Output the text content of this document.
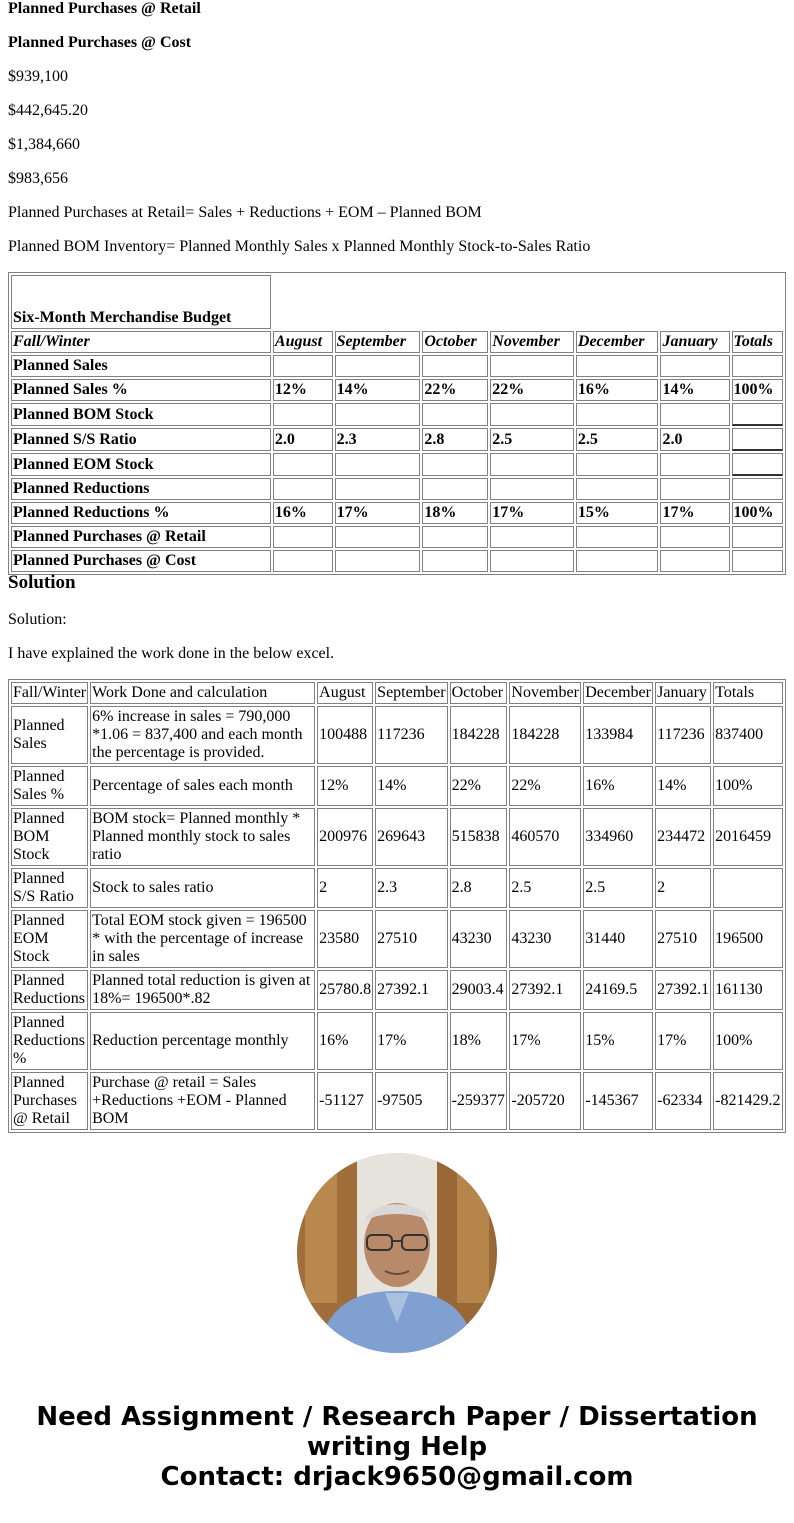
Planned Purchases @ Retail
Planned Purchases @ Cost
$939,100
$442,645.20
$1,384,660
$983,656
Planned Purchases at Retail= Sales + Reductions + EOM – Planned BOM
Planned BOM Inventory= Planned Monthly Sales x Planned Monthly Stock-to-Sales Ratio
Six-Month Merchandise Budget							
Fall/Winter	August	September	October	November	December	January	Totals
Planned Sales							
Planned Sales %	12%	14%	22%	22%	16%	14%	100%
Planned BOM Stock							
Planned S/S Ratio	2.0	2.3	2.8	2.5	2.5	2.0	
Planned EOM Stock							
Planned Reductions							
Planned Reductions %	16%	17%	18%	17%	15%	17%	100%
Planned Purchases @ Retail							
Planned Purchases @ Cost							
Solution
Solution:
I have explained the work done in the below excel.
Fall/Winter	Work Done and calculation	August	September	October	November	December	January	Totals
Planned Sales	6% increase in sales = 790,000 *1.06 = 837,400 and each month the percentage is provided.	100488	117236	184228	184228	133984	117236	837400
Planned Sales %	Percentage of sales each month	12%	14%	22%	22%	16%	14%	100%
Planned BOM Stock	BOM stock= Planned monthly * Planned monthly stock to sales ratio	200976	269643	515838	460570	334960	234472	2016459
Planned S/S Ratio	Stock to sales ratio	2	2.3	2.8	2.5	2.5	2	
Planned EOM Stock	Total EOM stock given = 196500 * with the percentage of increase in sales	23580	27510	43230	43230	31440	27510	196500
Planned Reductions	Planned total reduction is given at 18%= 196500*.82	25780.8	27392.1	29003.4	27392.1	24169.5	27392.1	161130
Planned Reductions %	Reduction percentage monthly	16%	17%	18%	17%	15%	17%	100%
Planned Purchases @ Retail	Purchase @ retail = Sales +Reductions +EOM - Planned BOM	-51127	-97505	-259377	-205720	-145367	-62334	-821429.2
Need Assignment / Research Paper / Dissertation
writing Help
Contact: drjack9650@gmail.com
